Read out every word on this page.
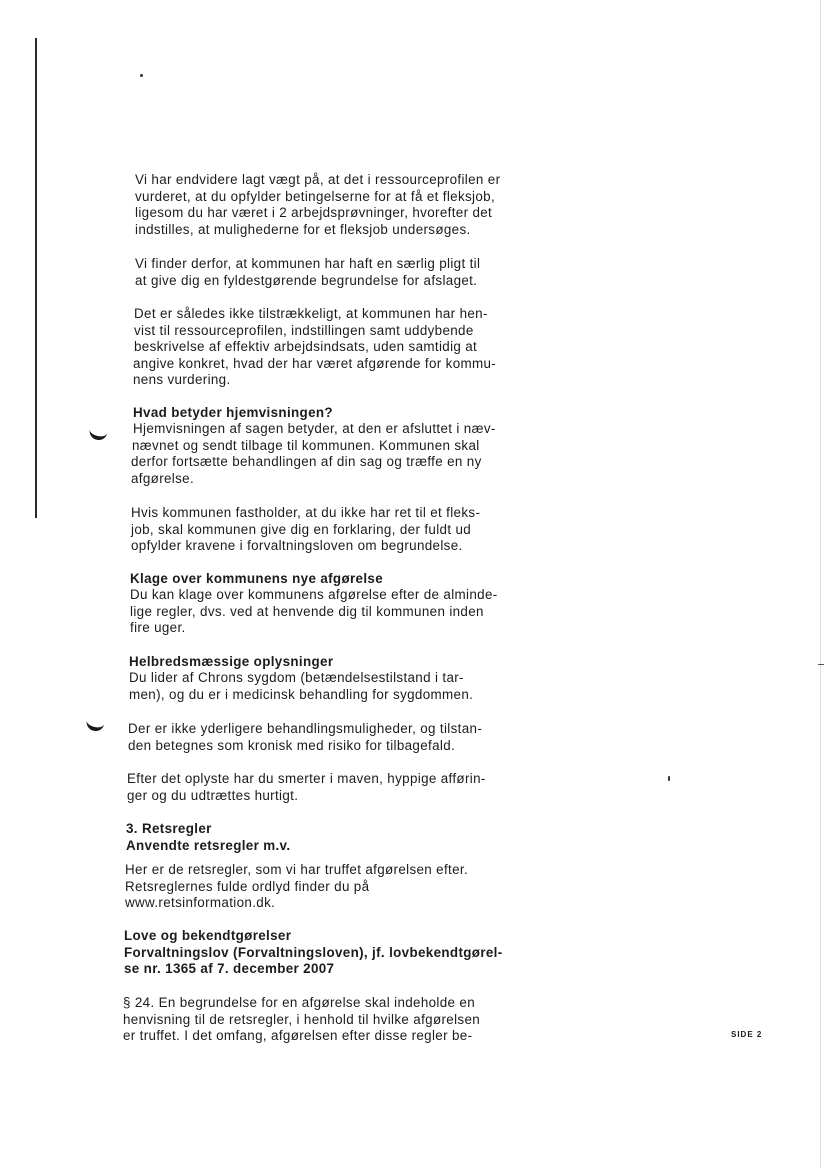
Vi har endvidere lagt vægt på, at det i ressourceprofilen er
vurderet, at du opfylder betingelserne for at få et fleksjob,
ligesom du har været i 2 arbejdsprøvninger, hvorefter det
indstilles, at mulighederne for et fleksjob undersøges.
Vi finder derfor, at kommunen har haft en særlig pligt til
at give dig en fyldestgørende begrundelse for afslaget.
Det er således ikke tilstrækkeligt, at kommunen har hen-
vist til ressourceprofilen, indstillingen samt uddybende
beskrivelse af effektiv arbejdsindsats, uden samtidig at
angive konkret, hvad der har været afgørende for kommu-
nens vurdering.
Hvad betyder hjemvisningen?
Hjemvisningen af sagen betyder, at den er afsluttet i næv-
nævnet og sendt tilbage til kommunen. Kommunen skal
derfor fortsætte behandlingen af din sag og træffe en ny
afgørelse.
Hvis kommunen fastholder, at du ikke har ret til et fleks-
job, skal kommunen give dig en forklaring, der fuldt ud
opfylder kravene i forvaltningsloven om begrundelse.
Klage over kommunens nye afgørelse
Du kan klage over kommunens afgørelse efter de alminde-
lige regler, dvs. ved at henvende dig til kommunen inden
fire uger.
Helbredsmæssige oplysninger
Du lider af Chrons sygdom (betændelsestilstand i tar-
men), og du er i medicinsk behandling for sygdommen.
Der er ikke yderligere behandlingsmuligheder, og tilstan-
den betegnes som kronisk med risiko for tilbagefald.
Efter det oplyste har du smerter i maven, hyppige afførin-
ger og du udtrættes hurtigt.
3. Retsregler
Anvendte retsregler m.v.
Her er de retsregler, som vi har truffet afgørelsen efter.
Retsreglernes fulde ordlyd finder du på
www.retsinformation.dk.
Love og bekendtgørelser
Forvaltningslov (Forvaltningsloven), jf. lovbekendtgørel-
se nr. 1365 af 7. december 2007
§ 24. En begrundelse for en afgørelse skal indeholde en
henvisning til de retsregler, i henhold til hvilke afgørelsen
er truffet. I det omfang, afgørelsen efter disse regler be-	SIDE 2
